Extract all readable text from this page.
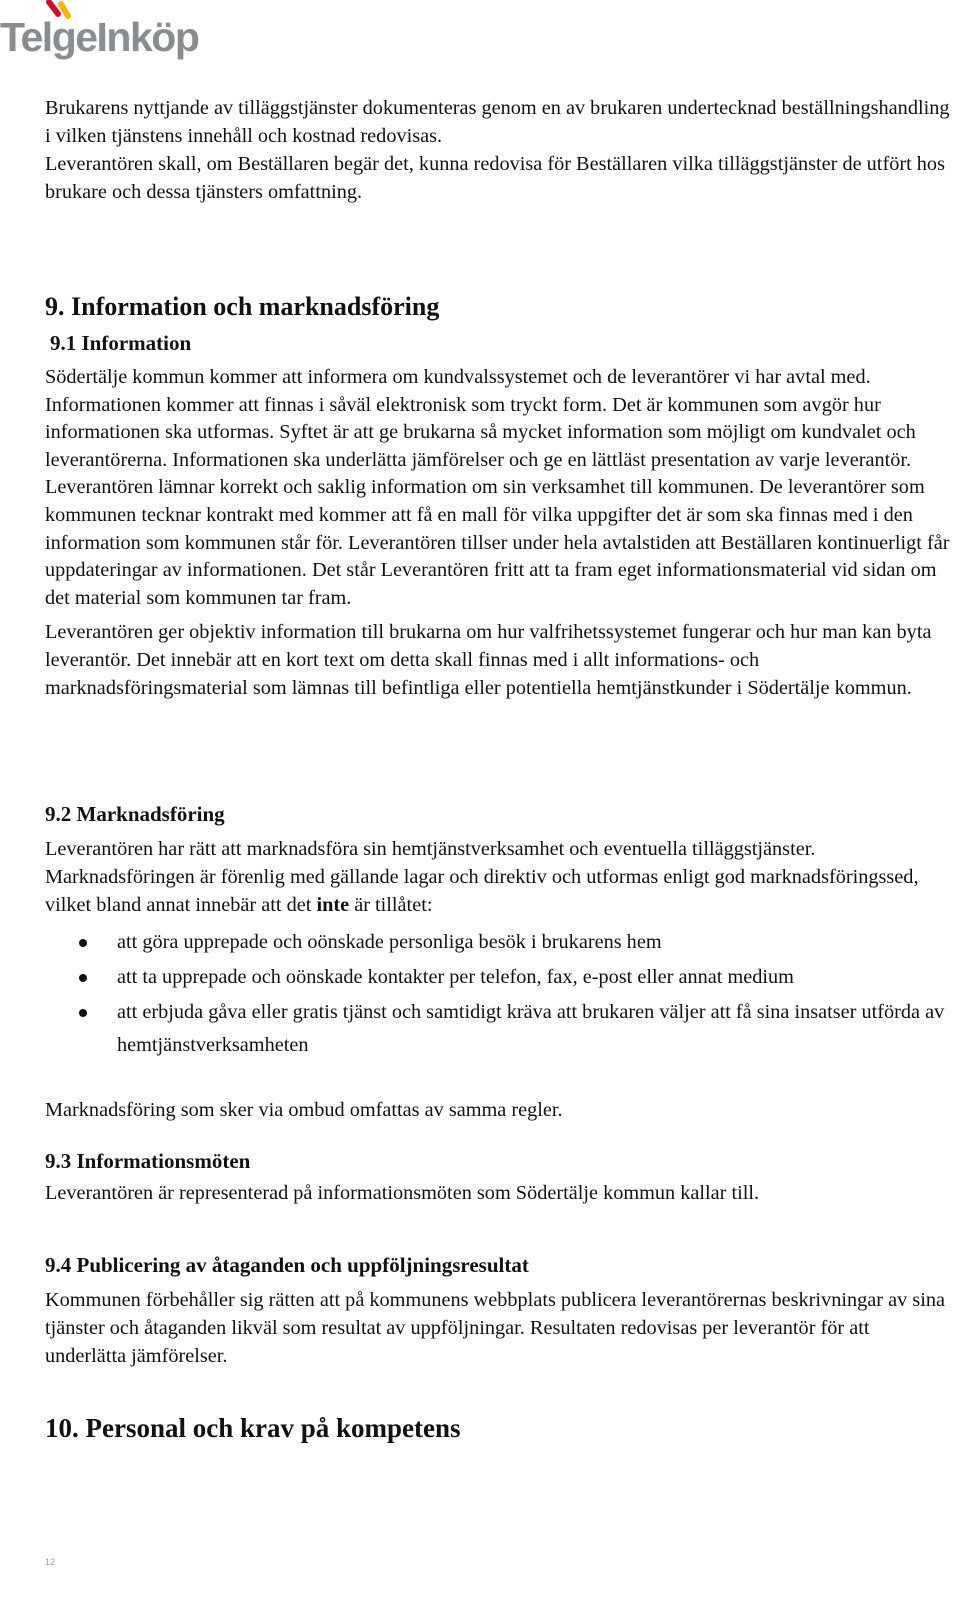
TelgeInköp

Brukarens nyttjande av tilläggstjänster dokumenteras genom en av brukaren undertecknad beställningshandling i vilken tjänstens innehåll och kostnad redovisas.

Leverantören skall, om Beställaren begär det, kunna redovisa för Beställaren vilka tilläggstjänster de utfört hos brukare och dessa tjänsters omfattning.

9. Information och marknadsföring
9.1 Information

Södertälje kommun kommer att informera om kundvalssystemet och de leverantörer vi har avtal med. Informationen kommer att finnas i såväl elektronisk som tryckt form. Det är kommunen som avgör hur informationen ska utformas. Syftet är att ge brukarna så mycket information som möjligt om kundvalet och leverantörerna. Informationen ska underlätta jämförelser och ge en lättläst presentation av varje leverantör. Leverantören lämnar korrekt och saklig information om sin verksamhet till kommunen. De leverantörer som kommunen tecknar kontrakt med kommer att få en mall för vilka uppgifter det är som ska finnas med i den information som kommunen står för. Leverantören tillser under hela avtalstiden att Beställaren kontinuerligt får uppdateringar av informationen. Det står Leverantören fritt att ta fram eget informationsmaterial vid sidan om det material som kommunen tar fram.

Leverantören ger objektiv information till brukarna om hur valfrihetssystemet fungerar och hur man kan byta leverantör. Det innebär att en kort text om detta skall finnas med i allt informations- och marknadsföringsmaterial som lämnas till befintliga eller potentiella hemtjänstkunder i Södertälje kommun.

9.2 Marknadsföring

Leverantören har rätt att marknadsföra sin hemtjänstverksamhet och eventuella tilläggstjänster. Marknadsföringen är förenlig med gällande lagar och direktiv och utformas enligt god marknadsföringssed, vilket bland annat innebär att det inte är tillåtet:

att göra upprepade och oönskade personliga besök i brukarens hem
att ta upprepade och oönskade kontakter per telefon, fax, e-post eller annat medium
att erbjuda gåva eller gratis tjänst och samtidigt kräva att brukaren väljer att få sina insatser utförda av hemtjänstverksamheten

Marknadsföring som sker via ombud omfattas av samma regler.

9.3 Informationsmöten

Leverantören är representerad på informationsmöten som Södertälje kommun kallar till.

9.4 Publicering av åtaganden och uppföljningsresultat

Kommunen förbehåller sig rätten att på kommunens webbplats publicera leverantörernas beskrivningar av sina tjänster och åtaganden likväl som resultat av uppföljningar. Resultaten redovisas per leverantör för att underlätta jämförelser.

10. Personal och krav på kompetens
12
